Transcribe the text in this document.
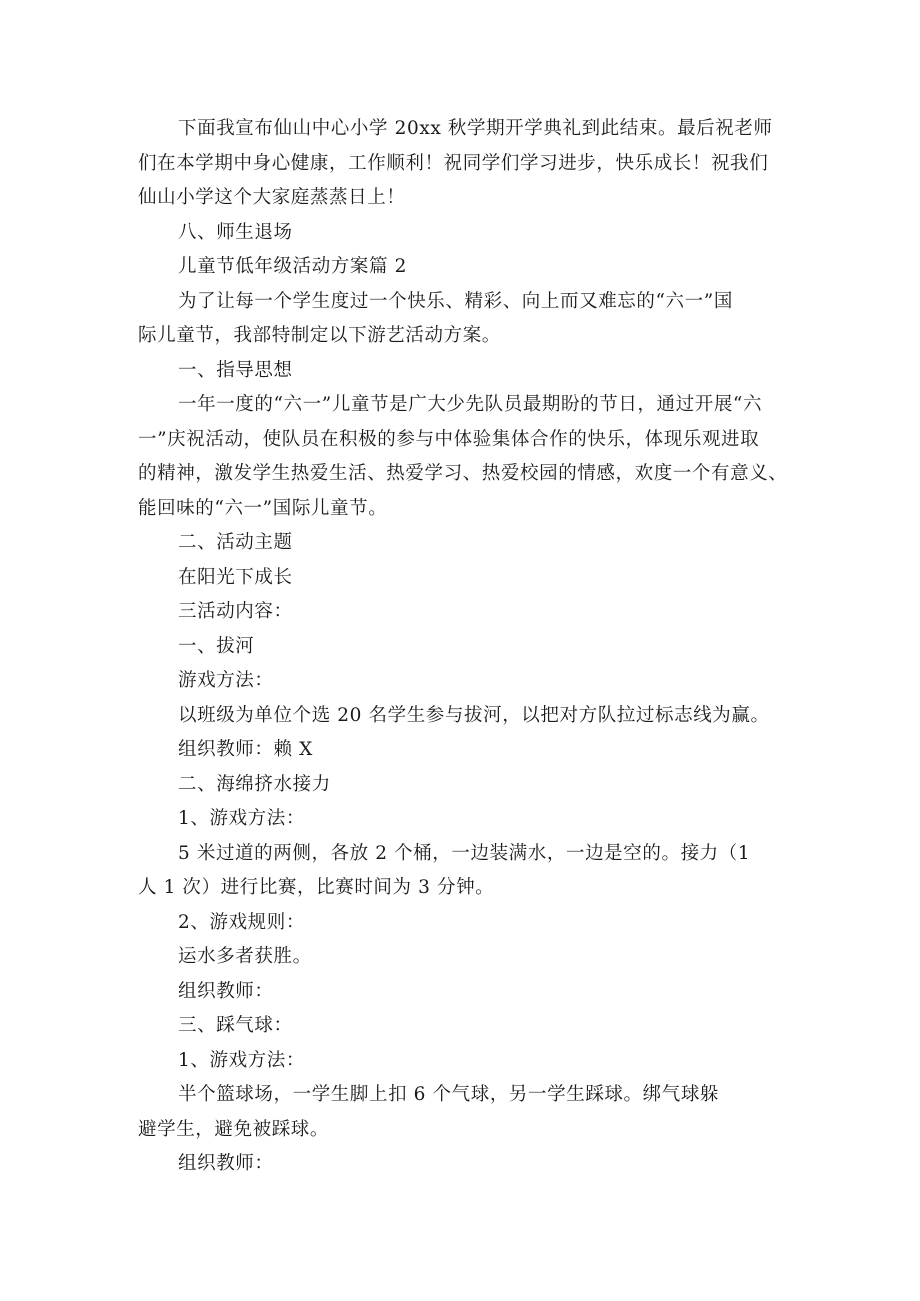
下面我宣布仙山中心小学 20xx 秋学期开学典礼到此结束。最后祝老师
们在本学期中身心健康，工作顺利！祝同学们学习进步，快乐成长！祝我们
仙山小学这个大家庭蒸蒸日上！
八、师生退场
儿童节低年级活动方案篇 2
为了让每一个学生度过一个快乐、精彩、向上而又难忘的“六一”国
际儿童节，我部特制定以下游艺活动方案。
一、指导思想
一年一度的“六一”儿童节是广大少先队员最期盼的节日，通过开展“六
一”庆祝活动，使队员在积极的参与中体验集体合作的快乐，体现乐观进取
的精神，激发学生热爱生活、热爱学习、热爱校园的情感，欢度一个有意义、
能回味的“六一”国际儿童节。
二、活动主题
在阳光下成长
三活动内容：
一、拔河
游戏方法：
以班级为单位个选 20 名学生参与拔河，以把对方队拉过标志线为赢。
组织教师：赖 X
二、海绵挤水接力
1、游戏方法：
5 米过道的两侧，各放 2 个桶，一边装满水，一边是空的。接力（1
人 1 次）进行比赛，比赛时间为 3 分钟。
2、游戏规则：
运水多者获胜。
组织教师：
三、踩气球：
1、游戏方法：
半个篮球场，一学生脚上扣 6 个气球，另一学生踩球。绑气球躲
避学生，避免被踩球。
组织教师：
